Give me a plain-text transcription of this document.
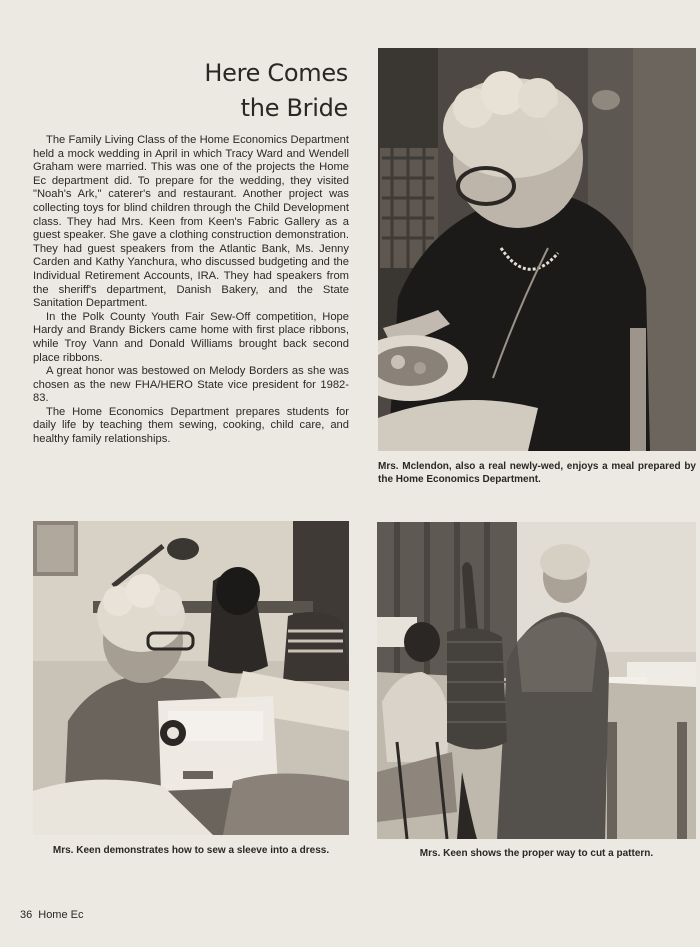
Here Comes
the Bride

The Family Living Class of the Home Economics Department held a mock wedding in April in which Tracy Ward and Wendell Graham were married. This was one of the projects the Home Ec department did. To prepare for the wedding, they visited "Noah's Ark," caterer's and restaurant. Another project was collecting toys for blind children through the Child Development class. They had Mrs. Keen from Keen's Fabric Gallery as a guest speaker. She gave a clothing construction demonstration. They had guest speakers from the Atlantic Bank, Ms. Jenny Carden and Kathy Yanchura, who discussed budgeting and the Individual Retirement Accounts, IRA. They had speakers from the sheriff's department, Danish Bakery, and the State Sanitation Department.

In the Polk County Youth Fair Sew-Off competition, Hope Hardy and Brandy Bickers came home with first place ribbons, while Troy Vann and Donald Williams brought back second place ribbons.

A great honor was bestowed on Melody Borders as she was chosen as the new FHA/HERO State vice president for 1982-83.

The Home Economics Department prepares students for daily life by teaching them sewing, cooking, child care, and healthy family relationships.

Mrs. Mclendon, also a real newly-wed, enjoys a meal prepared by the Home Economics Department.
Mrs. Keen demonstrates how to sew a sleeve into a dress.	Mrs. Keen shows the proper way to cut a pattern.
36 Home Ec
